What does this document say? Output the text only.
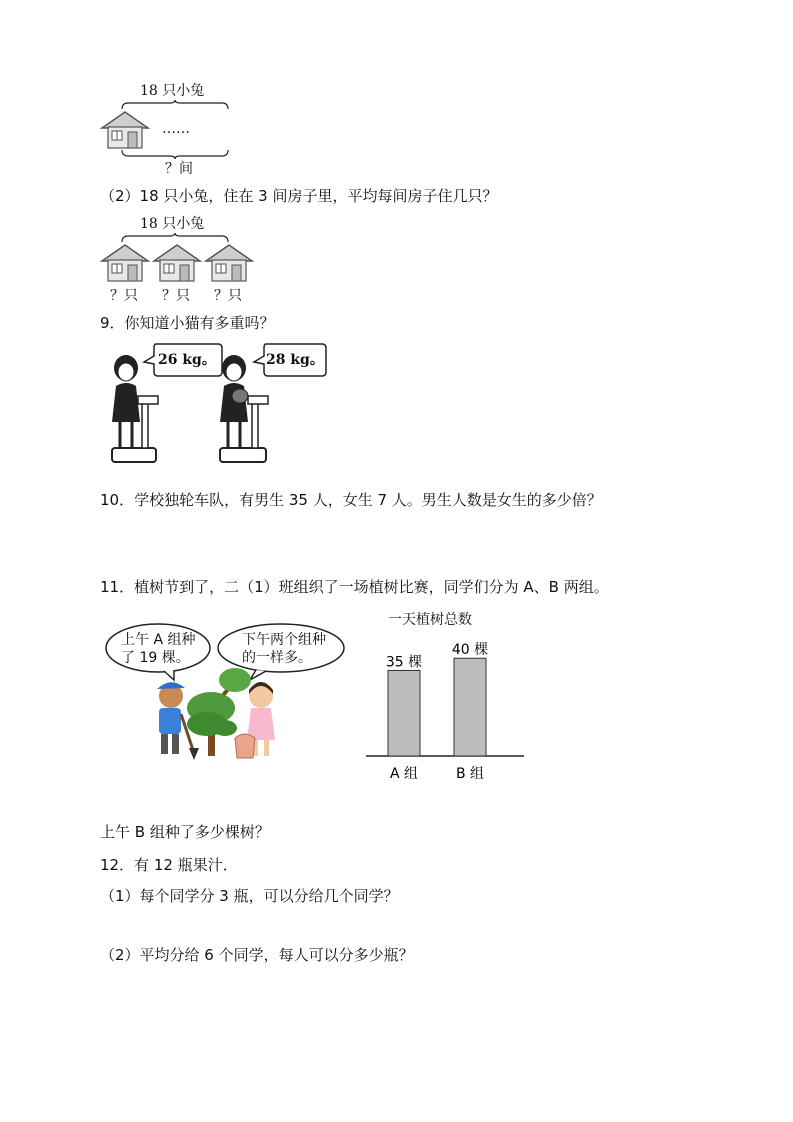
18 只小兔
……
？间
（2）18 只小兔，住在 3 间房子里，平均每间房子住几只？
18 只小兔
？只 ？只 ？只
9．你知道小猫有多重吗？
26 kg。	28 kg。
10．学校独轮车队，有男生 35 人，女生 7 人。男生人数是女生的多少倍？
11．植树节到了，二（1）班组织了一场植树比赛，同学们分为 A、B 两组。
上午 A 组种
了 19 棵。
下午两个组种
的一样多。
一天植树总数
35 棵
A 组
40 棵
B 组
上午 B 组种了多少棵树？
12．有 12 瓶果汁．
（1）每个同学分 3 瓶，可以分给几个同学？
（2）平均分给 6 个同学，每人可以分多少瓶？
